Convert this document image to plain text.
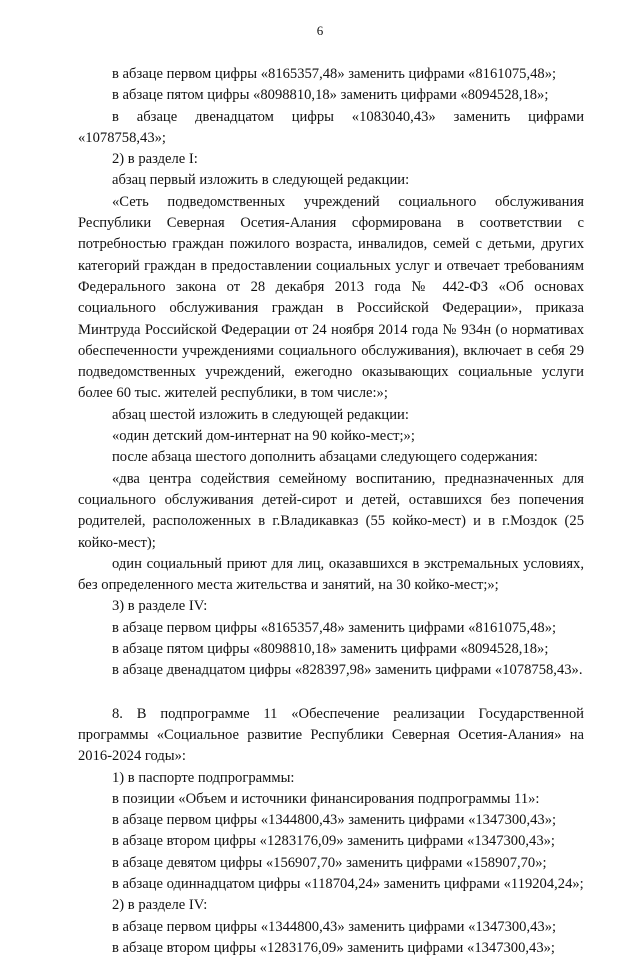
6
в абзаце первом цифры «8165357,48» заменить цифрами «8161075,48»;
в абзаце пятом цифры «8098810,18» заменить цифрами «8094528,18»;
в абзаце двенадцатом цифры «1083040,43» заменить цифрами «1078758,43»;
2) в разделе I:
абзац первый изложить в следующей редакции:
«Сеть подведомственных учреждений социального обслуживания Республики Северная Осетия-Алания сформирована в соответствии с потребностью граждан пожилого возраста, инвалидов, семей с детьми, других категорий граждан в предоставлении социальных услуг и отвечает требованиям Федерального закона от 28 декабря 2013 года № 442-ФЗ «Об основах социального обслуживания граждан в Российской Федерации», приказа Минтруда Российской Федерации от 24 ноября 2014 года № 934н (о нормативах обеспеченности учреждениями социального обслуживания), включает в себя 29 подведомственных учреждений, ежегодно оказывающих социальные услуги более 60 тыс. жителей республики, в том числе:»;
абзац шестой изложить в следующей редакции:
«один детский дом-интернат на 90 койко-мест;»;
после абзаца шестого дополнить абзацами следующего содержания:
«два центра содействия семейному воспитанию, предназначенных для социального обслуживания детей-сирот и детей, оставшихся без попечения родителей, расположенных в г.Владикавказ (55 койко-мест) и в г.Моздок (25 койко-мест);
один социальный приют для лиц, оказавшихся в экстремальных условиях, без определенного места жительства и занятий, на 30 койко-мест;»;
3) в разделе IV:
в абзаце первом цифры «8165357,48» заменить цифрами «8161075,48»;
в абзаце пятом цифры «8098810,18» заменить цифрами «8094528,18»;
в абзаце двенадцатом цифры «828397,98» заменить цифрами «1078758,43».
8. В подпрограмме 11 «Обеспечение реализации Государственной программы «Социальное развитие Республики Северная Осетия-Алания» на 2016-2024 годы»:
1) в паспорте подпрограммы:
в позиции «Объем и источники финансирования подпрограммы 11»:
в абзаце первом цифры «1344800,43» заменить цифрами «1347300,43»;
в абзаце втором цифры «1283176,09» заменить цифрами «1347300,43»;
в абзаце девятом цифры «156907,70» заменить цифрами «158907,70»;
в абзаце одиннадцатом цифры «118704,24» заменить цифрами «119204,24»;
2) в разделе IV:
в абзаце первом цифры «1344800,43» заменить цифрами «1347300,43»;
в абзаце втором цифры «1283176,09» заменить цифрами «1347300,43»;
